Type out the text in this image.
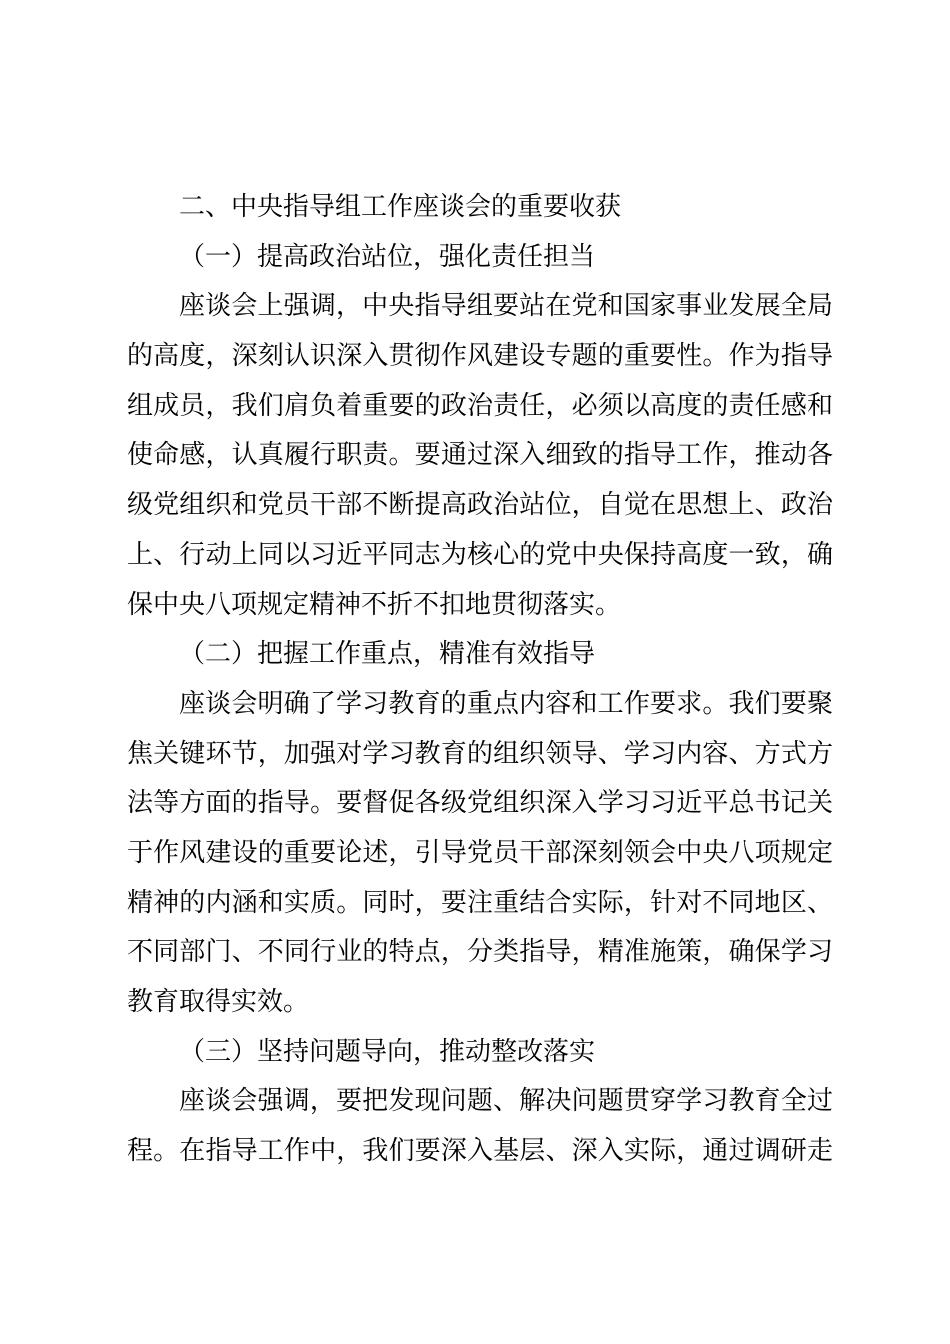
二、中央指导组工作座谈会的重要收获
（一）提高政治站位，强化责任担当
座谈会上强调，中央指导组要站在党和国家事业发展全局
的高度，深刻认识深入贯彻作风建设专题的重要性。作为指导
组成员，我们肩负着重要的政治责任，必须以高度的责任感和
使命感，认真履行职责。要通过深入细致的指导工作，推动各
级党组织和党员干部不断提高政治站位，自觉在思想上、政治
上、行动上同以习近平同志为核心的党中央保持高度一致，确
保中央八项规定精神不折不扣地贯彻落实。
（二）把握工作重点，精准有效指导
座谈会明确了学习教育的重点内容和工作要求。我们要聚
焦关键环节，加强对学习教育的组织领导、学习内容、方式方
法等方面的指导。要督促各级党组织深入学习习近平总书记关
于作风建设的重要论述，引导党员干部深刻领会中央八项规定
精神的内涵和实质。同时，要注重结合实际，针对不同地区、
不同部门、不同行业的特点，分类指导，精准施策，确保学习
教育取得实效。
（三）坚持问题导向，推动整改落实
座谈会强调，要把发现问题、解决问题贯穿学习教育全过
程。在指导工作中，我们要深入基层、深入实际，通过调研走
